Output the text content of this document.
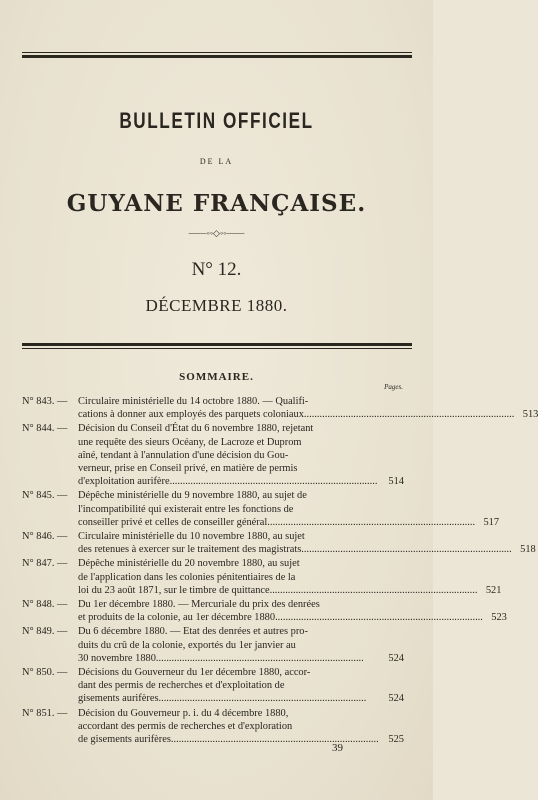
BULLETIN OFFICIEL
DE LA
GUYANE FRANÇAISE.
——◦◦◇◦◦——
N° 12.
DÉCEMBRE 1880.
SOMMAIRE.
Pages.
N° 843. —	Circulaire ministérielle du 14 octobre 1880. — Qualifi-
cations à donner aux employés des parquets coloniaux. ................................................................................ 513
N° 844. —	Décision du Conseil d'État du 6 novembre 1880, rejetant
une requête des sieurs Océany, de Lacroze et Duprom
aîné, tendant à l'annulation d'une décision du Gou-
verneur, prise en Conseil privé, en matière de permis
d'exploitation aurifère ................................................................................	514
N° 845. —	Dépêche ministérielle du 9 novembre 1880, au sujet de
l'incompatibilité qui existerait entre les fonctions de
conseiller privé et celles de conseiller général ................................................................................ 517
N° 846. —	Circulaire ministérielle du 10 novembre 1880, au sujet
des retenues à exercer sur le traitement des magistrats. ................................................................................ 518
N° 847. —	Dépêche ministérielle du 20 novembre 1880, au sujet
de l'application dans les colonies pénitentiaires de la
loi du 23 août 1871, sur le timbre de quittance ................................................................................ 521
N° 848. —	Du 1er décembre 1880. — Mercuriale du prix des denrées
et produits de la colonie, au 1er décembre 1880 ................................................................................ 523
N° 849. —	Du 6 décembre 1880. — Etat des denrées et autres pro-
duits du crû de la colonie, exportés du 1er janvier au
30 novembre 1880 ................................................................................	524
N° 850. —	Décisions du Gouverneur du 1er décembre 1880, accor-
dant des permis de recherches et d'exploitation de
gisements aurifères ................................................................................	524
N° 851. —	Décision du Gouverneur p. i. du 4 décembre 1880,
accordant des permis de recherches et d'exploration
de gisements aurifères ................................................................................ 525
39
